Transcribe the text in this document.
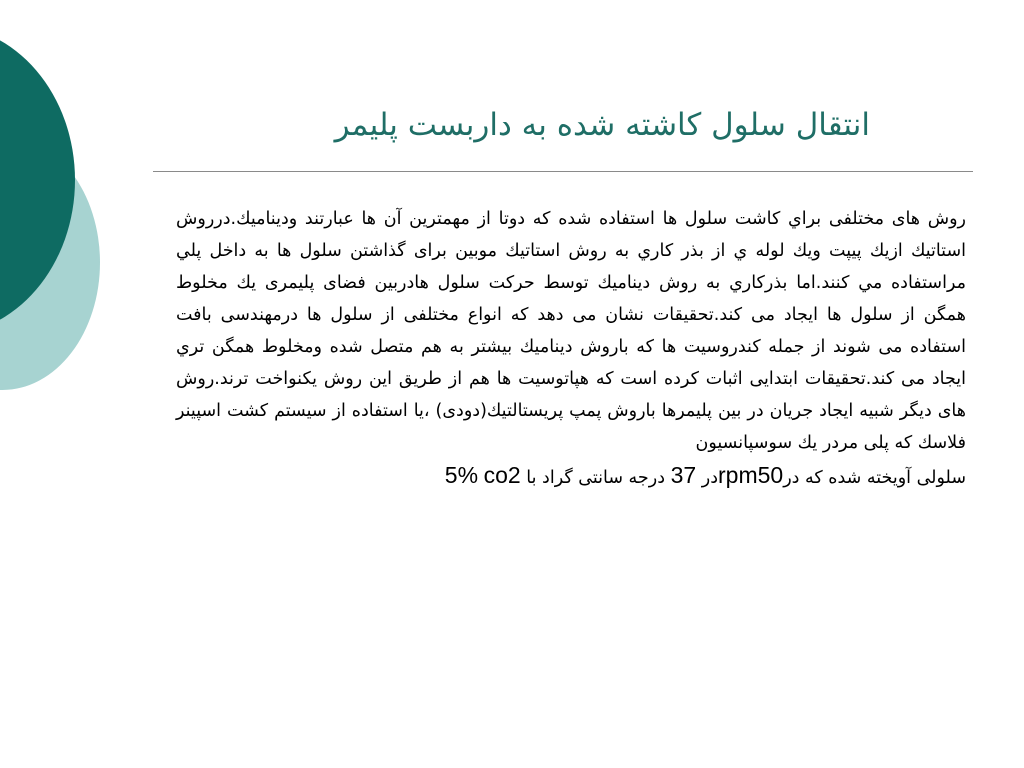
انتقال سلول كاشته شده به داربست پليمر

روش های مختلفی براي كاشت سلول ها استفاده شده كه دوتا از مهمترين آن ها عبارتند وديناميك.درروش استاتيك ازيك پيپت ويك لوله ي از بذر كاري به روش استاتيك موبين برای گذاشتن سلول ها به داخل پلي مراستفاده مي كنند.اما بذركاري به روش ديناميك توسط حركت سلول هادربين فضای پليمری يك مخلوط همگن از سلول ها ايجاد می كند.تحقيقات نشان می دهد كه انواع مختلفی از سلول ها درمهندسی بافت استفاده می شوند از جمله كندروسيت ها كه باروش ديناميك بيشتر به هم متصل شده ومخلوط همگن تري ايجاد می كند.تحقيقات ابتدايی اثبات كرده است كه هپاتوسيت ها هم از طريق اين روش يكنواخت ترند.روش های ديگر شبيه ايجاد جريان در بين پليمرها باروش پمپ پريستالتيك(دودی) ،يا استفاده از سيستم كشت اسپينر فلاسك كه پلی مردر يك سوسپانسيون

سلولی آويخته شده كه درrpm50در 37 درجه سانتی گراد با co2 5%
